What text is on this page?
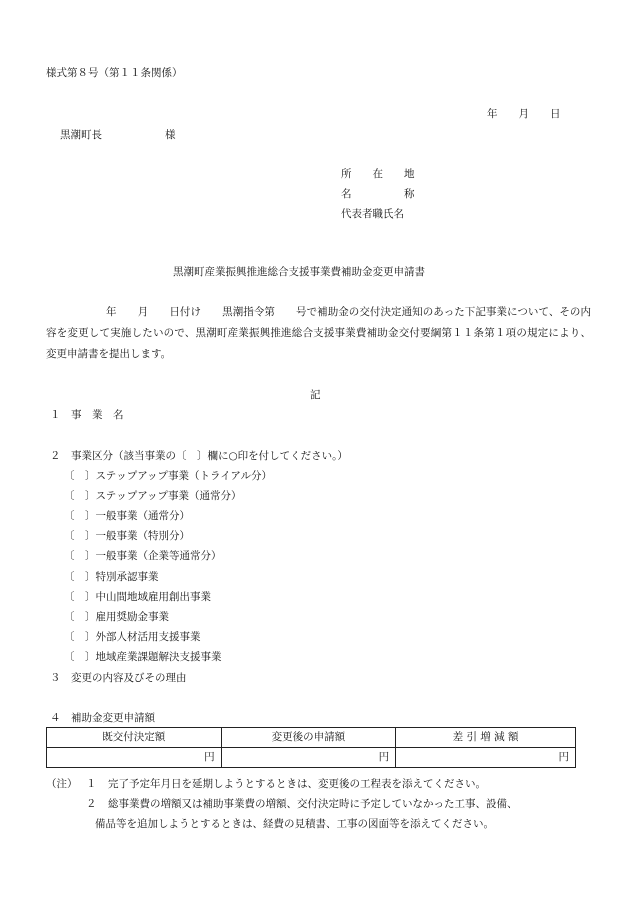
様式第８号（第１１条関係）
年　　月　　日
黒潮町長　　　　　　様
所　　在　　地
名　　　　　称
代表者職氏名
黒潮町産業振興推進総合支援事業費補助金変更申請書
年　　月　　日付け　　黒潮指令第　　号で補助金の交付決定通知のあった下記事業について、その内容を変更して実施したいので、黒潮町産業振興推進総合支援事業費補助金交付要綱第１１条第１項の規定により、変更申請書を提出します。
記
１　事　業　名
２　事業区分（該当事業の〔　〕欄に○印を付してください。）
〔　〕ステップアップ事業（トライアル分）
〔　〕ステップアップ事業（通常分）
〔　〕一般事業（通常分）
〔　〕一般事業（特別分）
〔　〕一般事業（企業等通常分）
〔　〕特別承認事業
〔　〕中山間地域雇用創出事業
〔　〕雇用奨励金事業
〔　〕外部人材活用支援事業
〔　〕地域産業課題解決支援事業
３　変更の内容及びその理由
４　補助金変更申請額
既交付決定額	変更後の申請額	差 引 増 減 額
円	円	円
（注） １ 完了予定年月日を延期しようとするときは、変更後の工程表を添えてください。
２ 総事業費の増額又は補助事業費の増額、交付決定時に予定していなかった工事、設備、
備品等を追加しようとするときは、経費の見積書、工事の図面等を添えてください。
